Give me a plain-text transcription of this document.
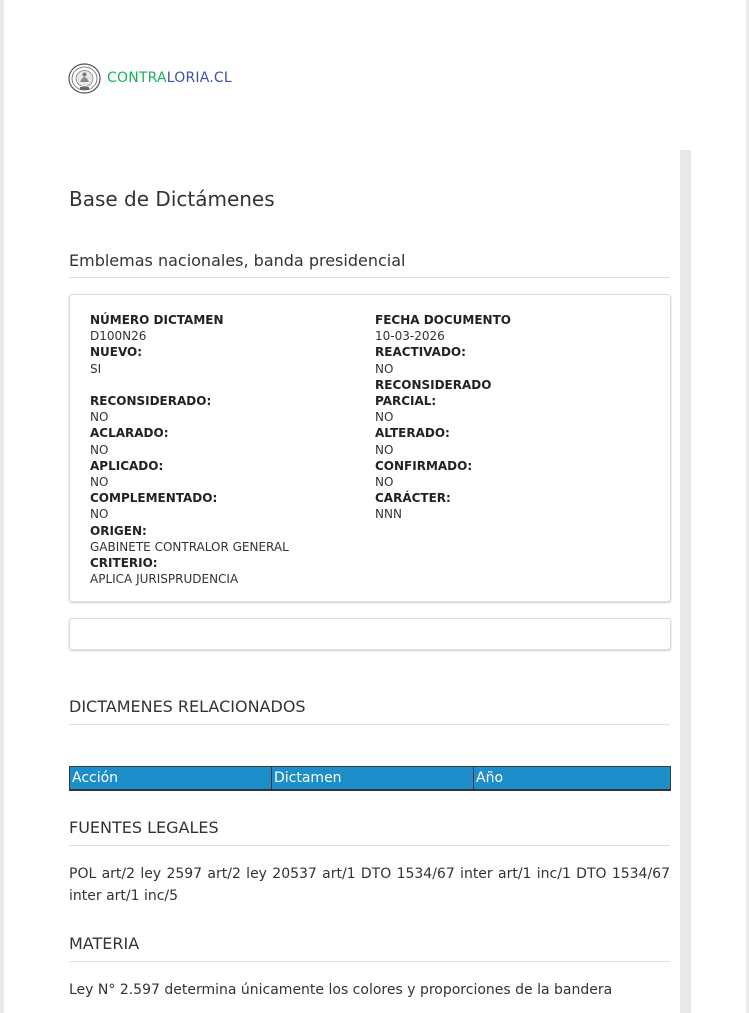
CONTRALORIA.CL
Base de Dictámenes
Emblemas nacionales, banda presidencial
NÚMERO DICTAMEN
D100N26
NUEVO:
SI
RECONSIDERADO:
NO
ACLARADO:
NO
APLICADO:
NO
COMPLEMENTADO:
NO
ORIGEN:
GABINETE CONTRALOR GENERAL
CRITERIO:
APLICA JURISPRUDENCIA
FECHA DOCUMENTO
10-03-2026
REACTIVADO:
NO
RECONSIDERADO
PARCIAL:
NO
ALTERADO:
NO
CONFIRMADO:
NO
CARÁCTER:
NNN
DICTAMENES RELACIONADOS
Acción	Dictamen	Año
FUENTES LEGALES

POL art/2 ley 2597 art/2 ley 20537 art/1 DTO 1534/67 inter art/1 inc/1 DTO 1534/67 inter art/1 inc/5

MATERIA

Ley N° 2.597 determina únicamente los colores y proporciones de la bandera
